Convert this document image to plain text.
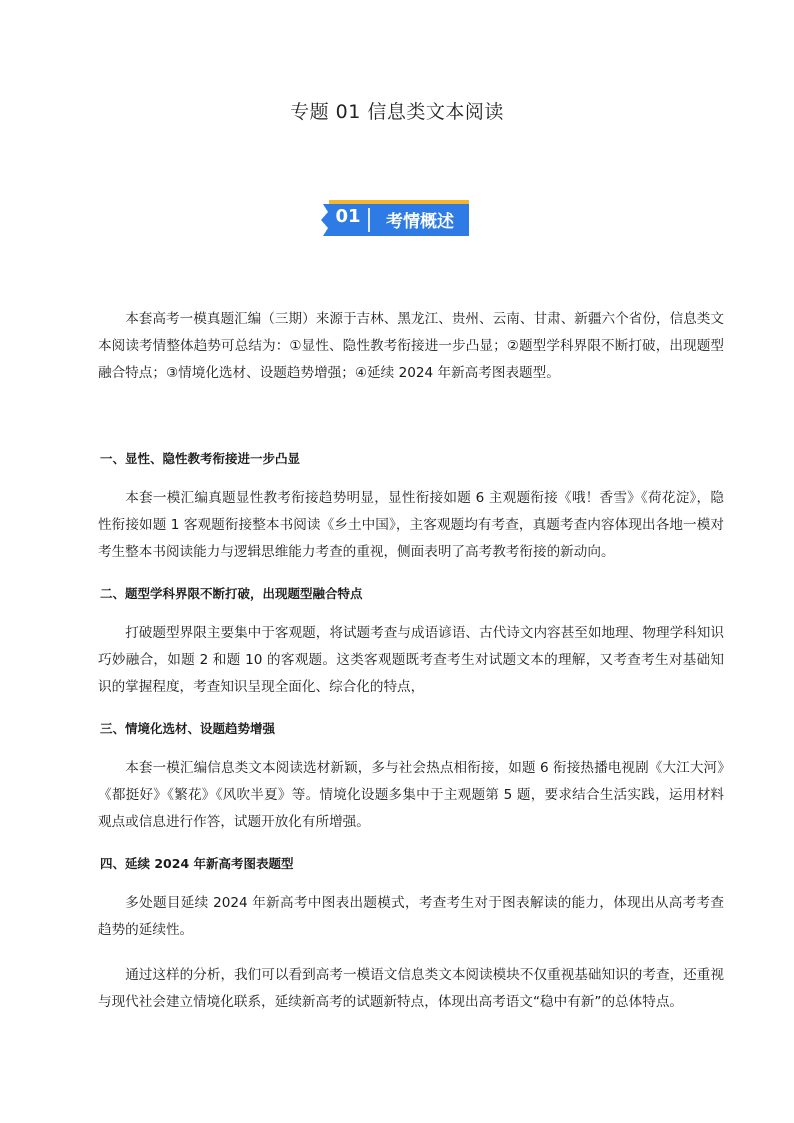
专题 01 信息类文本阅读
01	考情概述

本套高考一模真题汇编（三期）来源于吉林、黑龙江、贵州、云南、甘肃、新疆六个省份，信息类文本阅读考情整体趋势可总结为：①显性、隐性教考衔接进一步凸显；②题型学科界限不断打破，出现题型融合特点；③情境化选材、设题趋势增强；④延续 2024 年新高考图表题型。

一、显性、隐性教考衔接进一步凸显

本套一模汇编真题显性教考衔接趋势明显，显性衔接如题 6 主观题衔接《哦！香雪》《荷花淀》，隐性衔接如题 1 客观题衔接整本书阅读《乡土中国》，主客观题均有考查，真题考查内容体现出各地一模对考生整本书阅读能力与逻辑思维能力考查的重视，侧面表明了高考教考衔接的新动向。

二、题型学科界限不断打破，出现题型融合特点

打破题型界限主要集中于客观题，将试题考查与成语谚语、古代诗文内容甚至如地理、物理学科知识巧妙融合，如题 2 和题 10 的客观题。这类客观题既考查考生对试题文本的理解，又考查考生对基础知识的掌握程度，考查知识呈现全面化、综合化的特点，

三、情境化选材、设题趋势增强

本套一模汇编信息类文本阅读选材新颖，多与社会热点相衔接，如题 6 衔接热播电视剧《大江大河》《都挺好》《繁花》《风吹半夏》等。情境化设题多集中于主观题第 5 题，要求结合生活实践，运用材料观点或信息进行作答，试题开放化有所增强。

四、延续 2024 年新高考图表题型

多处题目延续 2024 年新高考中图表出题模式，考查考生对于图表解读的能力，体现出从高考考查趋势的延续性。

通过这样的分析，我们可以看到高考一模语文信息类文本阅读模块不仅重视基础知识的考查，还重视与现代社会建立情境化联系，延续新高考的试题新特点，体现出高考语文“稳中有新”的总体特点。
